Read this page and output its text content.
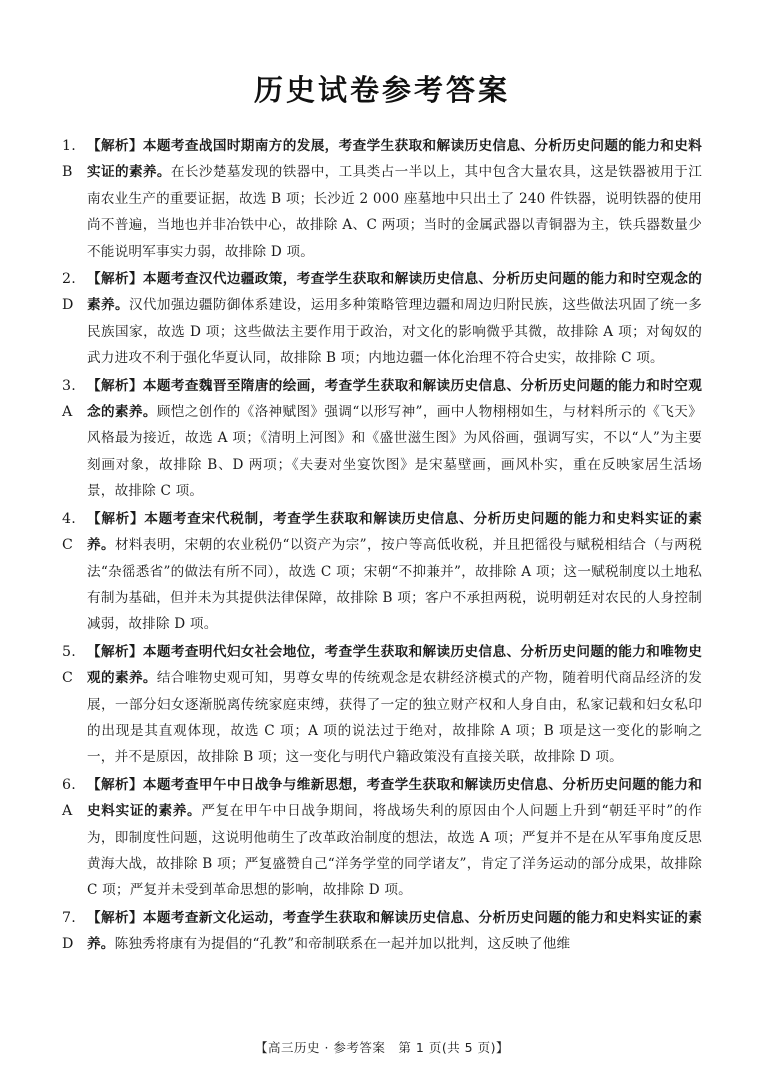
历史试卷参考答案
1. B
【解析】本题考查战国时期南方的发展，考查学生获取和解读历史信息、分析历史问题的能力和史料实证的素养。在长沙楚墓发现的铁器中，工具类占一半以上，其中包含大量农具，这是铁器被用于江南农业生产的重要证据，故选 B 项；长沙近 2 000 座墓地中只出土了 240 件铁器，说明铁器的使用尚不普遍，当地也并非冶铁中心，故排除 A、C 两项；当时的金属武器以青铜器为主，铁兵器数量少不能说明军事实力弱，故排除 D 项。
2. D
【解析】本题考查汉代边疆政策，考查学生获取和解读历史信息、分析历史问题的能力和时空观念的素养。汉代加强边疆防御体系建设，运用多种策略管理边疆和周边归附民族，这些做法巩固了统一多民族国家，故选 D 项；这些做法主要作用于政治，对文化的影响微乎其微，故排除 A 项；对匈奴的武力进攻不利于强化华夏认同，故排除 B 项；内地边疆一体化治理不符合史实，故排除 C 项。
3. A
【解析】本题考查魏晋至隋唐的绘画，考查学生获取和解读历史信息、分析历史问题的能力和时空观念的素养。顾恺之创作的《洛神赋图》强调“以形写神”，画中人物栩栩如生，与材料所示的《飞天》风格最为接近，故选 A 项；《清明上河图》和《盛世滋生图》为风俗画，强调写实，不以“人”为主要刻画对象，故排除 B、D 两项；《夫妻对坐宴饮图》是宋墓壁画，画风朴实，重在反映家居生活场景，故排除 C 项。
4. C
【解析】本题考查宋代税制，考查学生获取和解读历史信息、分析历史问题的能力和史料实证的素养。材料表明，宋朝的农业税仍“以资产为宗”，按户等高低收税，并且把徭役与赋税相结合（与两税法“杂徭悉省”的做法有所不同），故选 C 项；宋朝“不抑兼并”，故排除 A 项；这一赋税制度以土地私有制为基础，但并未为其提供法律保障，故排除 B 项；客户不承担两税，说明朝廷对农民的人身控制减弱，故排除 D 项。
5. C
【解析】本题考查明代妇女社会地位，考查学生获取和解读历史信息、分析历史问题的能力和唯物史观的素养。结合唯物史观可知，男尊女卑的传统观念是农耕经济模式的产物，随着明代商品经济的发展，一部分妇女逐渐脱离传统家庭束缚，获得了一定的独立财产权和人身自由，私家记载和妇女私印的出现是其直观体现，故选 C 项；A 项的说法过于绝对，故排除 A 项；B 项是这一变化的影响之一，并不是原因，故排除 B 项；这一变化与明代户籍政策没有直接关联，故排除 D 项。
6. A
【解析】本题考查甲午中日战争与维新思想，考查学生获取和解读历史信息、分析历史问题的能力和史料实证的素养。严复在甲午中日战争期间，将战场失利的原因由个人问题上升到“朝廷平时”的作为，即制度性问题，这说明他萌生了改革政治制度的想法，故选 A 项；严复并不是在从军事角度反思黄海大战，故排除 B 项；严复盛赞自己“洋务学堂的同学诸友”，肯定了洋务运动的部分成果，故排除 C 项；严复并未受到革命思想的影响，故排除 D 项。
7. D
【解析】本题考查新文化运动，考查学生获取和解读历史信息、分析历史问题的能力和史料实证的素养。陈独秀将康有为提倡的“孔教”和帝制联系在一起并加以批判，这反映了他维
【高三历史 · 参考答案　第 1 页(共 5 页)】
